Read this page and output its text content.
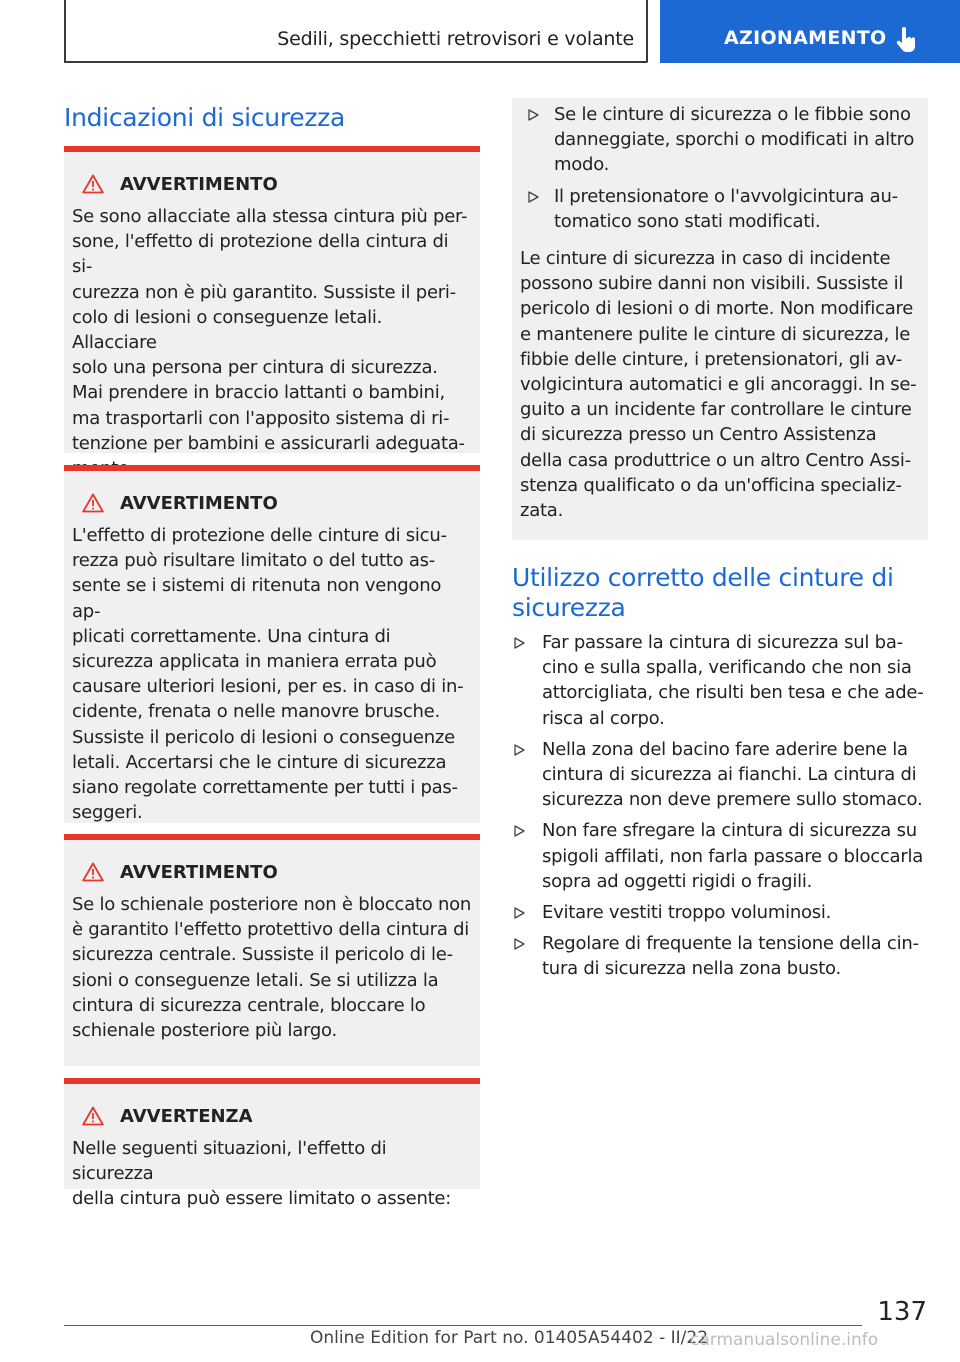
Sedili, specchietti retrovisori e volante	AZIONAMENTO
Indicazioni di sicurezza
AVVERTIMENTO
Se sono allacciate alla stessa cintura più per-
sone, l'effetto di protezione della cintura di si-
curezza non è più garantito. Sussiste il peri-
colo di lesioni o conseguenze letali. Allacciare
solo una persona per cintura di sicurezza.
Mai prendere in braccio lattanti o bambini,
ma trasportarli con l'apposito sistema di ri-
tenzione per bambini e assicurarli adeguata-
AVVERTIMENTO
L'effetto di protezione delle cinture di sicu-
rezza può risultare limitato o del tutto as-
sente se i sistemi di ritenuta non vengono ap-
plicati correttamente. Una cintura di
sicurezza applicata in maniera errata può
causare ulteriori lesioni, per es. in caso di in-
cidente, frenata o nelle manovre brusche.
Sussiste il pericolo di lesioni o conseguenze
letali. Accertarsi che le cinture di sicurezza
siano regolate correttamente per tutti i pas-
seggeri.
AVVERTIMENTO
Se lo schienale posteriore non è bloccato non
è garantito l'effetto protettivo della cintura di
sicurezza centrale. Sussiste il pericolo di le-
sioni o conseguenze letali. Se si utilizza la
cintura di sicurezza centrale, bloccare lo
schienale posteriore più largo.
AVVERTENZA
Nelle seguenti situazioni, l'effetto di sicurezza
della cintura può essere limitato o assente:
Se le cinture di sicurezza o le fibbie sono
danneggiate, sporchi o modificati in altro
modo.
Il pretensionatore o l'avvolgicintura au-
tomatico sono stati modificati.
Le cinture di sicurezza in caso di incidente
possono subire danni non visibili. Sussiste il
pericolo di lesioni o di morte. Non modificare
e mantenere pulite le cinture di sicurezza, le
fibbie delle cinture, i pretensionatori, gli av-
volgicintura automatici e gli ancoraggi. In se-
guito a un incidente far controllare le cinture
di sicurezza presso un Centro Assistenza
della casa produttrice o un altro Centro Assi-
stenza qualificato o da un'officina specializ-
zata.
Utilizzo corretto delle cinture di
sicurezza
Far passare la cintura di sicurezza sul ba-
cino e sulla spalla, verificando che non sia
attorcigliata, che risulti ben tesa e che ade-
risca al corpo.
Nella zona del bacino fare aderire bene la
cintura di sicurezza ai fianchi. La cintura di
sicurezza non deve premere sullo stomaco.
Non fare sfregare la cintura di sicurezza su
spigoli affilati, non farla passare o bloccarla
sopra ad oggetti rigidi o fragili.
Evitare vestiti troppo voluminosi.
Regolare di frequente la tensione della cin-
tura di sicurezza nella zona busto.
137
Online Edition for Part no. 01405A54402 - II/22
carmanualsonline.info
